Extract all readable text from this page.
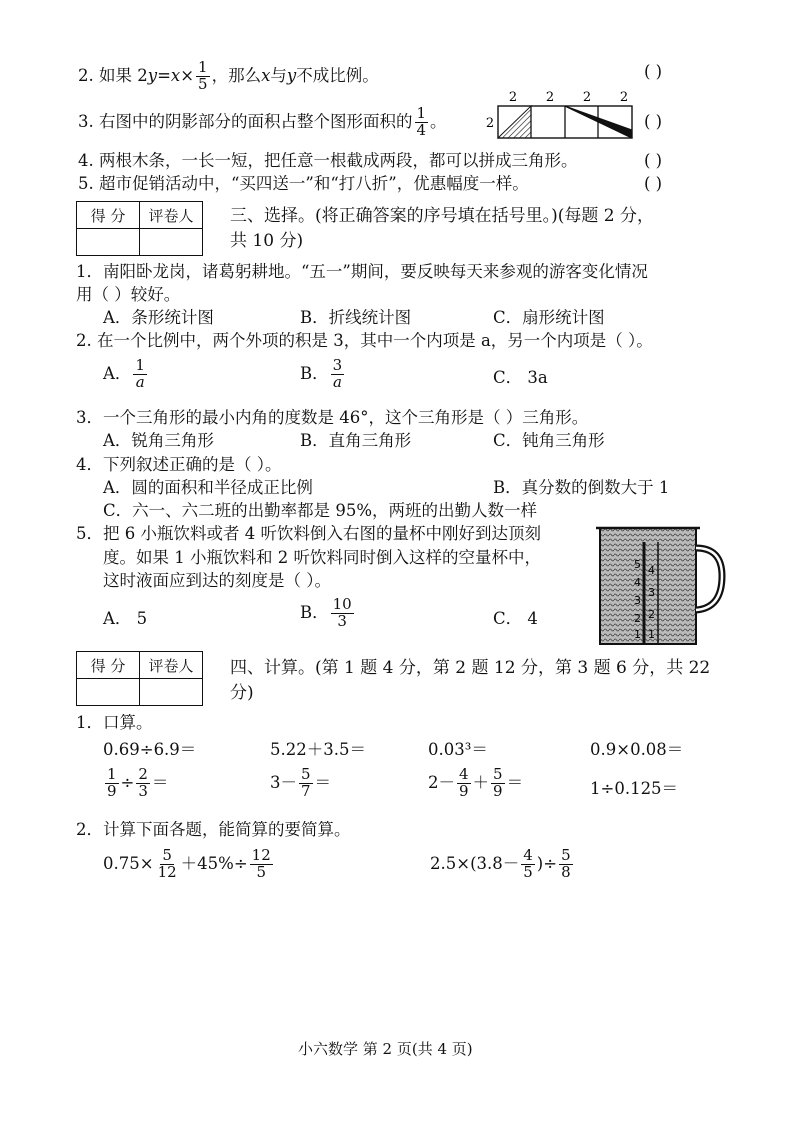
2. 如果 $2y=x\times \frac{1}{5}$ ，那么x与y不成比例。	( )
3. 右图中的阴影部分的面积占整个图形面积的 $\frac{1}{4}$ 。
2 2 2 2
2	( )
4. 两根木条，一长一短，把任意一根截成两段，都可以拼成三角形。	( )
5. 超市促销活动中，“买四送一”和“打八折”，优惠幅度一样。	( )
得 分	评卷人
	三、选择。(将正确答案的序号填在括号里。)(每题 2 分，
共 10 分)
1．南阳卧龙岗，诸葛躬耕地。“五一”期间，要反映每天来参观的游客变化情况
用（ ）较好。
A．条形统计图	B．折线统计图	C．扇形统计图
2. 在一个比例中，两个外项的积是 3，其中一个内项是 a，另一个内项是（ ）。
A． $\frac{1}{a}$	B． $\frac{3}{a}$	C． 3a
3．一个三角形的最小内角的度数是 46°，这个三角形是（ ）三角形。
A．锐角三角形	B．直角三角形	C．钝角三角形
4．下列叙述正确的是（ ）。
A．圆的面积和半径成正比例	B．真分数的倒数大于 1
C．六一、六二班的出勤率都是 95%，两班的出勤人数一样
5．把 6 小瓶饮料或者 4 听饮料倒入右图的量杯中刚好到达顶刻
度。如果 1 小瓶饮料和 2 听饮料同时倒入这样的空量杯中，
这时液面应到达的刻度是（ ）。
A． 5	B． $\frac{10}{3}$	C． 4
5
4
3
2
1
4
3
2
1
得 分	评卷人
	四、计算。(第 1 题 4 分，第 2 题 12 分，第 3 题 6 分，共 22
分)
1．口算。
0.69÷6.9＝	5.22＋3.5＝	0.03³＝	0.9×0.08＝
$\frac{1}{9} \div \frac{2}{3}$ ＝	$3- \frac{5}{7}$ ＝	$2- \frac{4}{9} + \frac{5}{9}$ ＝	1÷0.125＝
2．计算下面各题，能简算的要简算。
$0.75\times \frac{5}{12} +45\%\div \frac{12}{5}$	$2.5\times(3.8- \frac{4}{5}$ )÷ $\frac{5}{8}$
小六数学 第 2 页(共 4 页)
